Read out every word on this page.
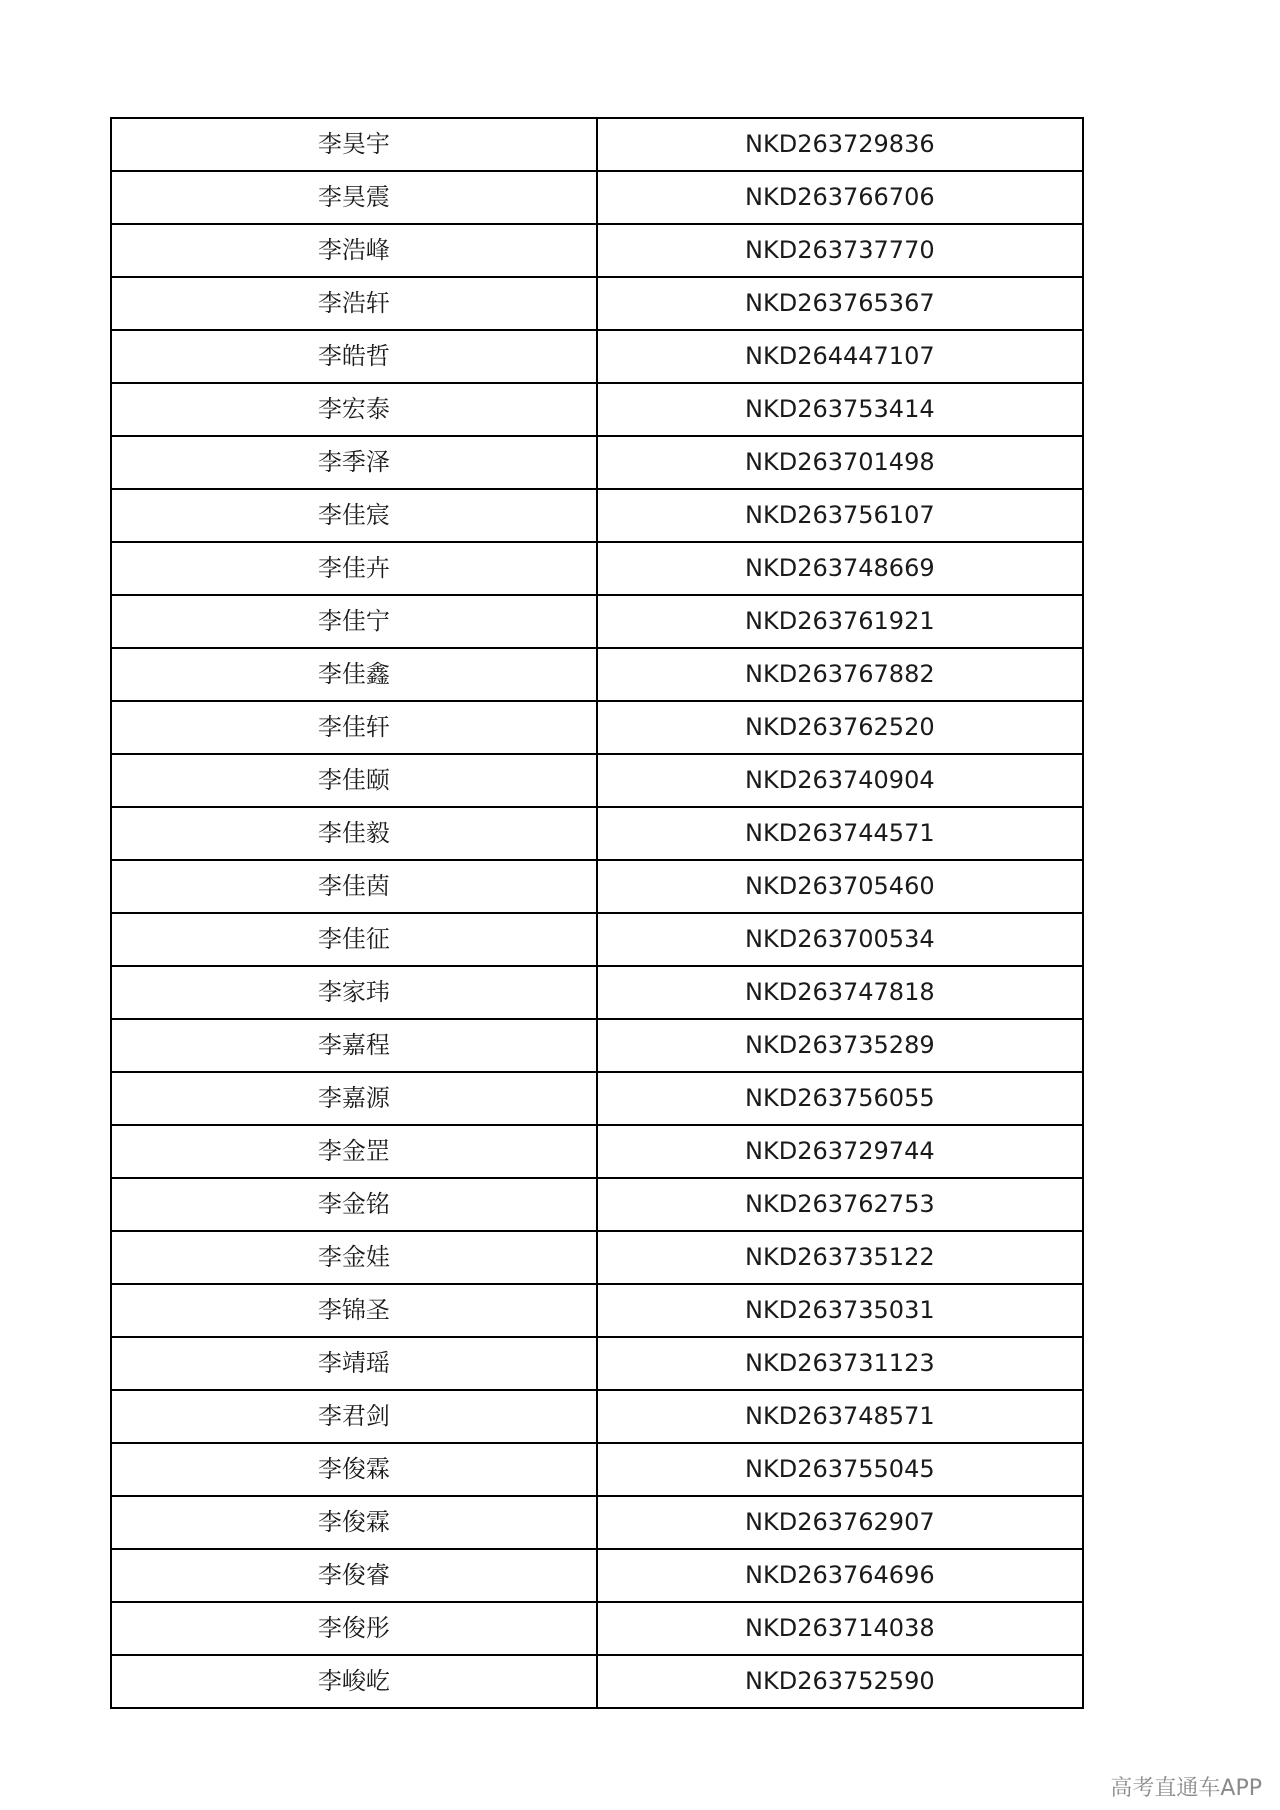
李昊宇	NKD263729836
李昊震	NKD263766706
李浩峰	NKD263737770
李浩轩	NKD263765367
李皓哲	NKD264447107
李宏泰	NKD263753414
李季泽	NKD263701498
李佳宸	NKD263756107
李佳卉	NKD263748669
李佳宁	NKD263761921
李佳鑫	NKD263767882
李佳轩	NKD263762520
李佳颐	NKD263740904
李佳毅	NKD263744571
李佳茵	NKD263705460
李佳征	NKD263700534
李家玮	NKD263747818
李嘉程	NKD263735289
李嘉源	NKD263756055
李金罡	NKD263729744
李金铭	NKD263762753
李金娃	NKD263735122
李锦圣	NKD263735031
李靖瑶	NKD263731123
李君剑	NKD263748571
李俊霖	NKD263755045
李俊霖	NKD263762907
李俊睿	NKD263764696
李俊彤	NKD263714038
李峻屹	NKD263752590
高考直通车APP
